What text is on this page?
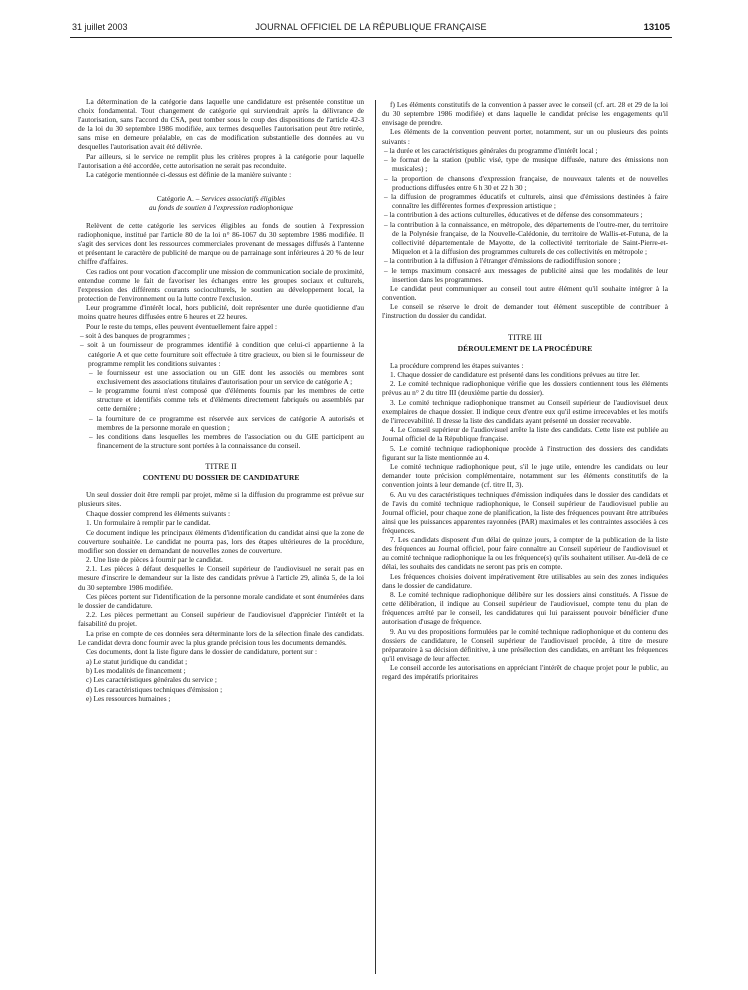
31 juillet 2003	JOURNAL OFFICIEL DE LA RÉPUBLIQUE FRANÇAISE	13105

La détermination de la catégorie dans laquelle une candidature est présentée constitue un choix fondamental. Tout changement de catégorie qui surviendrait après la délivrance de l'autorisation, sans l'accord du CSA, peut tomber sous le coup des dispositions de l'article 42-3 de la loi du 30 septembre 1986 modifiée, aux termes desquelles l'autorisation peut être retirée, sans mise en demeure préalable, en cas de modification substantielle des données au vu desquelles l'autorisation avait été délivrée.

Par ailleurs, si le service ne remplit plus les critères propres à la catégorie pour laquelle l'autorisation a été accordée, cette autorisation ne serait pas reconduite.

La catégorie mentionnée ci-dessus est définie de la manière suivante :

Catégorie A. – Services associatifs éligibles
au fonds de soutien à l'expression radiophonique

Relèvent de cette catégorie les services éligibles au fonds de soutien à l'expression radiophonique, institué par l'article 80 de la loi n° 86-1067 du 30 septembre 1986 modifiée. Il s'agit des services dont les ressources commerciales provenant de messages diffusés à l'antenne et présentant le caractère de publicité de marque ou de parrainage sont inférieures à 20 % de leur chiffre d'affaires.

Ces radios ont pour vocation d'accomplir une mission de communication sociale de proximité, entendue comme le fait de favoriser les échanges entre les groupes sociaux et culturels, l'expression des différents courants socioculturels, le soutien au développement local, la protection de l'environnement ou la lutte contre l'exclusion.

Leur programme d'intérêt local, hors publicité, doit représenter une durée quotidienne d'au moins quatre heures diffusées entre 6 heures et 22 heures.

Pour le reste du temps, elles peuvent éventuellement faire appel :

– soit à des banques de programmes ;
– soit à un fournisseur de programmes identifié à condition que celui-ci appartienne à la catégorie A et que cette fourniture soit effectuée à titre gracieux, ou bien si le fournisseur de programme remplit les conditions suivantes :
– le fournisseur est une association ou un GIE dont les associés ou membres sont exclusivement des associations titulaires d'autorisation pour un service de catégorie A ;
– le programme fourni n'est composé que d'éléments fournis par les membres de cette structure et identifiés comme tels et d'éléments directement fabriqués ou assemblés par cette dernière ;
– la fourniture de ce programme est réservée aux services de catégorie A autorisés et membres de la personne morale en question ;
– les conditions dans lesquelles les membres de l'association ou du GIE participent au financement de la structure sont portées à la connaissance du conseil.
TITRE II
CONTENU DU DOSSIER DE CANDIDATURE

Un seul dossier doit être rempli par projet, même si la diffusion du programme est prévue sur plusieurs sites.

Chaque dossier comprend les éléments suivants :

1. Un formulaire à remplir par le candidat.

Ce document indique les principaux éléments d'identification du candidat ainsi que la zone de couverture souhaitée. Le candidat ne pourra pas, lors des étapes ultérieures de la procédure, modifier son dossier en demandant de nouvelles zones de couverture.

2. Une liste de pièces à fournir par le candidat.

2.1. Les pièces à défaut desquelles le Conseil supérieur de l'audiovisuel ne serait pas en mesure d'inscrire le demandeur sur la liste des candidats prévue à l'article 29, alinéa 5, de la loi du 30 septembre 1986 modifiée.

Ces pièces portent sur l'identification de la personne morale candidate et sont énumérées dans le dossier de candidature.

2.2. Les pièces permettant au Conseil supérieur de l'audiovisuel d'apprécier l'intérêt et la faisabilité du projet.

La prise en compte de ces données sera déterminante lors de la sélection finale des candidats. Le candidat devra donc fournir avec la plus grande précision tous les documents demandés.

Ces documents, dont la liste figure dans le dossier de candidature, portent sur :

a) Le statut juridique du candidat ;

b) Les modalités de financement ;

c) Les caractéristiques générales du service ;

d) Les caractéristiques techniques d'émission ;

e) Les ressources humaines ;

f) Les éléments constitutifs de la convention à passer avec le conseil (cf. art. 28 et 29 de la loi du 30 septembre 1986 modifiée) et dans laquelle le candidat précise les engagements qu'il envisage de prendre.

Les éléments de la convention peuvent porter, notamment, sur un ou plusieurs des points suivants :

– la durée et les caractéristiques générales du programme d'intérêt local ;
– le format de la station (public visé, type de musique diffusée, nature des émissions non musicales) ;
– la proportion de chansons d'expression française, de nouveaux talents et de nouvelles productions diffusées entre 6 h 30 et 22 h 30 ;
– la diffusion de programmes éducatifs et culturels, ainsi que d'émissions destinées à faire connaître les différentes formes d'expression artistique ;
– la contribution à des actions culturelles, éducatives et de défense des consommateurs ;
– la contribution à la connaissance, en métropole, des départements de l'outre-mer, du territoire de la Polynésie française, de la Nouvelle-Calédonie, du territoire de Wallis-et-Futuna, de la collectivité départementale de Mayotte, de la collectivité territoriale de Saint-Pierre-et-Miquelon et à la diffusion des programmes culturels de ces collectivités en métropole ;
– la contribution à la diffusion à l'étranger d'émissions de radiodiffusion sonore ;
– le temps maximum consacré aux messages de publicité ainsi que les modalités de leur insertion dans les programmes.

Le candidat peut communiquer au conseil tout autre élément qu'il souhaite intégrer à la convention.

Le conseil se réserve le droit de demander tout élément susceptible de contribuer à l'instruction du dossier du candidat.

TITRE III
DÉROULEMENT DE LA PROCÉDURE

La procédure comprend les étapes suivantes :

1. Chaque dossier de candidature est présenté dans les conditions prévues au titre Ier.

2. Le comité technique radiophonique vérifie que les dossiers contiennent tous les éléments prévus au n° 2 du titre III (deuxième partie du dossier).

3. Le comité technique radiophonique transmet au Conseil supérieur de l'audiovisuel deux exemplaires de chaque dossier. Il indique ceux d'entre eux qu'il estime irrecevables et les motifs de l'irrecevabilité. Il dresse la liste des candidats ayant présenté un dossier recevable.

4. Le Conseil supérieur de l'audiovisuel arrête la liste des candidats. Cette liste est publiée au Journal officiel de la République française.

5. Le comité technique radiophonique procède à l'instruction des dossiers des candidats figurant sur la liste mentionnée au 4.

Le comité technique radiophonique peut, s'il le juge utile, entendre les candidats ou leur demander toute précision complémentaire, notamment sur les éléments constitutifs de la convention joints à leur demande (cf. titre II, 3).

6. Au vu des caractéristiques techniques d'émission indiquées dans le dossier des candidats et de l'avis du comité technique radiophonique, le Conseil supérieur de l'audiovisuel publie au Journal officiel, pour chaque zone de planification, la liste des fréquences pouvant être attribuées ainsi que les puissances apparentes rayonnées (PAR) maximales et les contraintes associées à ces fréquences.

7. Les candidats disposent d'un délai de quinze jours, à compter de la publication de la liste des fréquences au Journal officiel, pour faire connaître au Conseil supérieur de l'audiovisuel et au comité technique radiophonique la ou les fréquence(s) qu'ils souhaitent utiliser. Au-delà de ce délai, les souhaits des candidats ne seront pas pris en compte.

Les fréquences choisies doivent impérativement être utilisables au sein des zones indiquées dans le dossier de candidature.

8. Le comité technique radiophonique délibère sur les dossiers ainsi constitués. A l'issue de cette délibération, il indique au Conseil supérieur de l'audiovisuel, compte tenu du plan de fréquences arrêté par le conseil, les candidatures qui lui paraissent pouvoir bénéficier d'une autorisation d'usage de fréquence.

9. Au vu des propositions formulées par le comité technique radiophonique et du contenu des dossiers de candidature, le Conseil supérieur de l'audiovisuel procède, à titre de mesure préparatoire à sa décision définitive, à une présélection des candidats, en arrêtant les fréquences qu'il envisage de leur affecter.

Le conseil accorde les autorisations en appréciant l'intérêt de chaque projet pour le public, au regard des impératifs prioritaires
